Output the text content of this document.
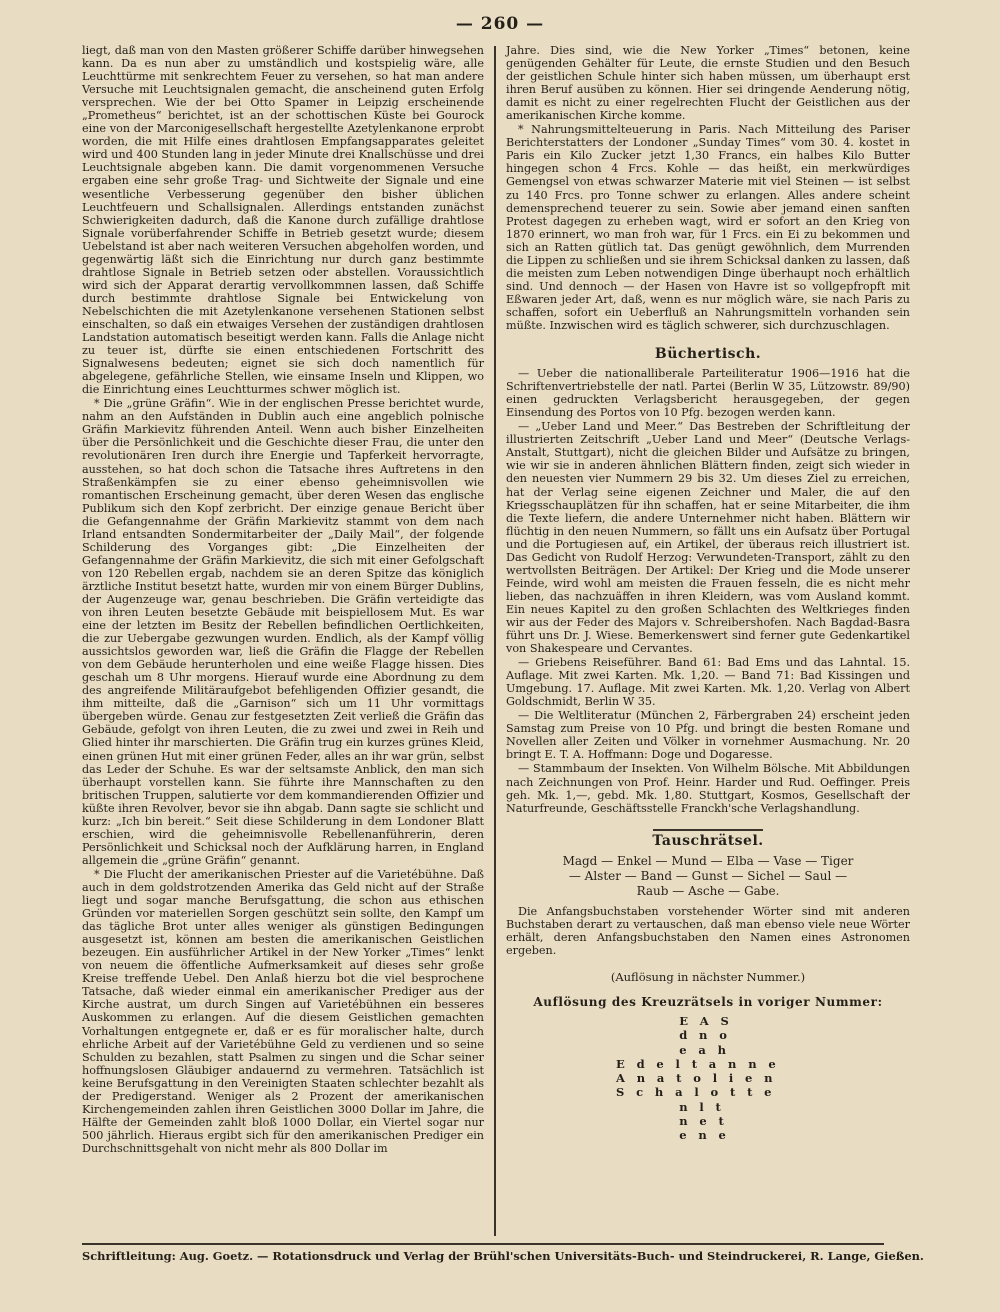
— 260 —

liegt, daß man von den Masten größerer Schiffe darüber hinwegsehen kann. Da es nun aber zu umständlich und kostspielig wäre, alle Leuchttürme mit senkrechtem Feuer zu versehen, so hat man andere Versuche mit Leuchtsignalen gemacht, die anscheinend guten Erfolg versprechen. Wie der bei Otto Spamer in Leipzig erscheinende „Prometheus“ berichtet, ist an der schottischen Küste bei Gourock eine von der Marconigesellschaft hergestellte Azetylenkanone erprobt worden, die mit Hilfe eines drahtlosen Empfangsapparates geleitet wird und 400 Stunden lang in jeder Minute drei Knallschüsse und drei Leuchtsignale abgeben kann. Die damit vorgenommenen Versuche ergaben eine sehr große Trag- und Sichtweite der Signale und eine wesentliche Verbesserung gegenüber den bisher üblichen Leuchtfeuern und Schallsignalen. Allerdings entstanden zunächst Schwierigkeiten dadurch, daß die Kanone durch zufällige drahtlose Signale vorüberfahrender Schiffe in Betrieb gesetzt wurde; diesem Uebelstand ist aber nach weiteren Versuchen abgeholfen worden, und gegenwärtig läßt sich die Einrichtung nur durch ganz bestimmte drahtlose Signale in Betrieb setzen oder abstellen. Voraussichtlich wird sich der Apparat derartig vervollkommnen lassen, daß Schiffe durch bestimmte drahtlose Signale bei Entwickelung von Nebelschichten die mit Azetylenkanone versehenen Stationen selbst einschalten, so daß ein etwaiges Versehen der zuständigen drahtlosen Landstation automatisch beseitigt werden kann. Falls die Anlage nicht zu teuer ist, dürfte sie einen entschiedenen Fortschritt des Signalwesens bedeuten; eignet sie sich doch namentlich für abgelegene, gefährliche Stellen, wie einsame Inseln und Klippen, wo die Einrichtung eines Leuchtturmes schwer möglich ist.

* Die „grüne Gräfin“. Wie in der englischen Presse berichtet wurde, nahm an den Aufständen in Dublin auch eine angeblich polnische Gräfin Markievitz führenden Anteil. Wenn auch bisher Einzelheiten über die Persönlichkeit und die Geschichte dieser Frau, die unter den revolutionären Iren durch ihre Energie und Tapferkeit hervorragte, ausstehen, so hat doch schon die Tatsache ihres Auftretens in den Straßenkämpfen sie zu einer ebenso geheimnisvollen wie romantischen Erscheinung gemacht, über deren Wesen das englische Publikum sich den Kopf zerbricht. Der einzige genaue Bericht über die Gefangennahme der Gräfin Markievitz stammt von dem nach Irland entsandten Sondermitarbeiter der „Daily Mail“, der folgende Schilderung des Vorganges gibt: „Die Einzelheiten der Gefangennahme der Gräfin Markievitz, die sich mit einer Gefolgschaft von 120 Rebellen ergab, nachdem sie an deren Spitze das königlich ärztliche Institut besetzt hatte, wurden mir von einem Bürger Dublins, der Augenzeuge war, genau beschrieben. Die Gräfin verteidigte das von ihren Leuten besetzte Gebäude mit beispiellosem Mut. Es war eine der letzten im Besitz der Rebellen befindlichen Oertlichkeiten, die zur Uebergabe gezwungen wurden. Endlich, als der Kampf völlig aussichtslos geworden war, ließ die Gräfin die Flagge der Rebellen von dem Gebäude herunterholen und eine weiße Flagge hissen. Dies geschah um 8 Uhr morgens. Hierauf wurde eine Abordnung zu dem des angreifende Militäraufgebot befehligenden Offizier gesandt, die ihm mitteilte, daß die „Garnison“ sich um 11 Uhr vormittags übergeben würde. Genau zur festgesetzten Zeit verließ die Gräfin das Gebäude, gefolgt von ihren Leuten, die zu zwei und zwei in Reih und Glied hinter ihr marschierten. Die Gräfin trug ein kurzes grünes Kleid, einen grünen Hut mit einer grünen Feder, alles an ihr war grün, selbst das Leder der Schuhe. Es war der seltsamste Anblick, den man sich überhaupt vorstellen kann. Sie führte ihre Mannschaften zu den britischen Truppen, salutierte vor dem kommandierenden Offizier und küßte ihren Revolver, bevor sie ihn abgab. Dann sagte sie schlicht und kurz: „Ich bin bereit.“ Seit diese Schilderung in dem Londoner Blatt erschien, wird die geheimnisvolle Rebellenanführerin, deren Persönlichkeit und Schicksal noch der Aufklärung harren, in England allgemein die „grüne Gräfin“ genannt.

* Die Flucht der amerikanischen Priester auf die Varietébühne. Daß auch in dem goldstrotzenden Amerika das Geld nicht auf der Straße liegt und sogar manche Berufsgattung, die schon aus ethischen Gründen vor materiellen Sorgen geschützt sein sollte, den Kampf um das tägliche Brot unter alles weniger als günstigen Bedingungen ausgesetzt ist, können am besten die amerikanischen Geistlichen bezeugen. Ein ausführlicher Artikel in der New Yorker „Times“ lenkt von neuem die öffentliche Aufmerksamkeit auf dieses sehr große Kreise treffende Uebel. Den Anlaß hierzu bot die viel besprochene Tatsache, daß wieder einmal ein amerikanischer Prediger aus der Kirche austrat, um durch Singen auf Varietébühnen ein besseres Auskommen zu erlangen. Auf die diesem Geistlichen gemachten Vorhaltungen entgegnete er, daß er es für moralischer halte, durch ehrliche Arbeit auf der Varietébühne Geld zu verdienen und so seine Schulden zu bezahlen, statt Psalmen zu singen und die Schar seiner hoffnungslosen Gläubiger andauernd zu vermehren. Tatsächlich ist keine Berufsgattung in den Vereinigten Staaten schlechter bezahlt als der Predigerstand. Weniger als 2 Prozent der amerikanischen Kirchengemeinden zahlen ihren Geistlichen 3000 Dollar im Jahre, die Hälfte der Gemeinden zahlt bloß 1000 Dollar, ein Viertel sogar nur 500 jährlich. Hieraus ergibt sich für den amerikanischen Prediger ein Durchschnittsgehalt von nicht mehr als 800 Dollar im

Jahre. Dies sind, wie die New Yorker „Times“ betonen, keine genügenden Gehälter für Leute, die ernste Studien und den Besuch der geistlichen Schule hinter sich haben müssen, um überhaupt erst ihren Beruf ausüben zu können. Hier sei dringende Aenderung nötig, damit es nicht zu einer regelrechten Flucht der Geistlichen aus der amerikanischen Kirche komme.

* Nahrungsmittelteuerung in Paris. Nach Mitteilung des Pariser Berichterstatters der Londoner „Sunday Times“ vom 30. 4. kostet in Paris ein Kilo Zucker jetzt 1,30 Francs, ein halbes Kilo Butter hingegen schon 4 Frcs. Kohle — das heißt, ein merkwürdiges Gemengsel von etwas schwarzer Materie mit viel Steinen — ist selbst zu 140 Frcs. pro Tonne schwer zu erlangen. Alles andere scheint demensprechend teuerer zu sein. Sowie aber jemand einen sanften Protest dagegen zu erheben wagt, wird er sofort an den Krieg von 1870 erinnert, wo man froh war, für 1 Frcs. ein Ei zu bekommen und sich an Ratten gütlich tat. Das genügt gewöhnlich, dem Murrenden die Lippen zu schließen und sie ihrem Schicksal danken zu lassen, daß die meisten zum Leben notwendigen Dinge überhaupt noch erhältlich sind. Und dennoch — der Hasen von Havre ist so vollgepfropft mit Eßwaren jeder Art, daß, wenn es nur möglich wäre, sie nach Paris zu schaffen, sofort ein Ueberfluß an Nahrungsmitteln vorhanden sein müßte. Inzwischen wird es täglich schwerer, sich durchzuschlagen.

Büchertisch.

— Ueber die nationalliberale Parteiliteratur 1906—1916 hat die Schriftenvertriebstelle der natl. Partei (Berlin W 35, Lützowstr. 89/90) einen gedruckten Verlagsbericht herausgegeben, der gegen Einsendung des Portos von 10 Pfg. bezogen werden kann.

— „Ueber Land und Meer.“ Das Bestreben der Schriftleitung der illustrierten Zeitschrift „Ueber Land und Meer“ (Deutsche Verlags-Anstalt, Stuttgart), nicht die gleichen Bilder und Aufsätze zu bringen, wie wir sie in anderen ähnlichen Blättern finden, zeigt sich wieder in den neuesten vier Nummern 29 bis 32. Um dieses Ziel zu erreichen, hat der Verlag seine eigenen Zeichner und Maler, die auf den Kriegsschauplätzen für ihn schaffen, hat er seine Mitarbeiter, die ihm die Texte liefern, die andere Unternehmer nicht haben. Blättern wir flüchtig in den neuen Nummern, so fällt uns ein Aufsatz über Portugal und die Portugiesen auf, ein Artikel, der überaus reich illustriert ist. Das Gedicht von Rudolf Herzog: Verwundeten-Transport, zählt zu den wertvollsten Beiträgen. Der Artikel: Der Krieg und die Mode unserer Feinde, wird wohl am meisten die Frauen fesseln, die es nicht mehr lieben, das nachzuäffen in ihren Kleidern, was vom Ausland kommt. Ein neues Kapitel zu den großen Schlachten des Weltkrieges finden wir aus der Feder des Majors v. Schreibershofen. Nach Bagdad-Basra führt uns Dr. J. Wiese. Bemerkenswert sind ferner gute Gedenkartikel von Shakespeare und Cervantes.

— Griebens Reiseführer. Band 61: Bad Ems und das Lahntal. 15. Auflage. Mit zwei Karten. Mk. 1,20. — Band 71: Bad Kissingen und Umgebung. 17. Auflage. Mit zwei Karten. Mk. 1,20. Verlag von Albert Goldschmidt, Berlin W 35.

— Die Weltliteratur (München 2, Färbergraben 24) erscheint jeden Samstag zum Preise von 10 Pfg. und bringt die besten Romane und Novellen aller Zeiten und Völker in vornehmer Ausmachung. Nr. 20 bringt E. T. A. Hoffmann: Doge und Dogaresse.

— Stammbaum der Insekten. Von Wilhelm Bölsche. Mit Abbildungen nach Zeichnungen von Prof. Heinr. Harder und Rud. Oeffinger. Preis geh. Mk. 1,—, gebd. Mk. 1,80. Stuttgart, Kosmos, Gesellschaft der Naturfreunde, Geschäftsstelle Franckh'sche Verlagshandlung.

Tauschrätsel.
Magd — Enkel — Mund — Elba — Vase — Tiger
— Alster — Band — Gunst — Sichel — Saul —
Raub — Asche — Gabe.

Die Anfangsbuchstaben vorstehender Wörter sind mit anderen Buchstaben derart zu vertauschen, daß man ebenso viele neue Wörter erhält, deren Anfangsbuchstaben den Namen eines Astronomen ergeben.

(Auflösung in nächster Nummer.)
Auflösung des Kreuzrätsels in voriger Nummer:
EAS
dno
eah
Edeltanne
Anatolien
Schalotte
nlt
net
ene
Schriftleitung: Aug. Goetz. — Rotationsdruck und Verlag der Brühl'schen Universitäts-Buch- und Steindruckerei, R. Lange, Gießen.
